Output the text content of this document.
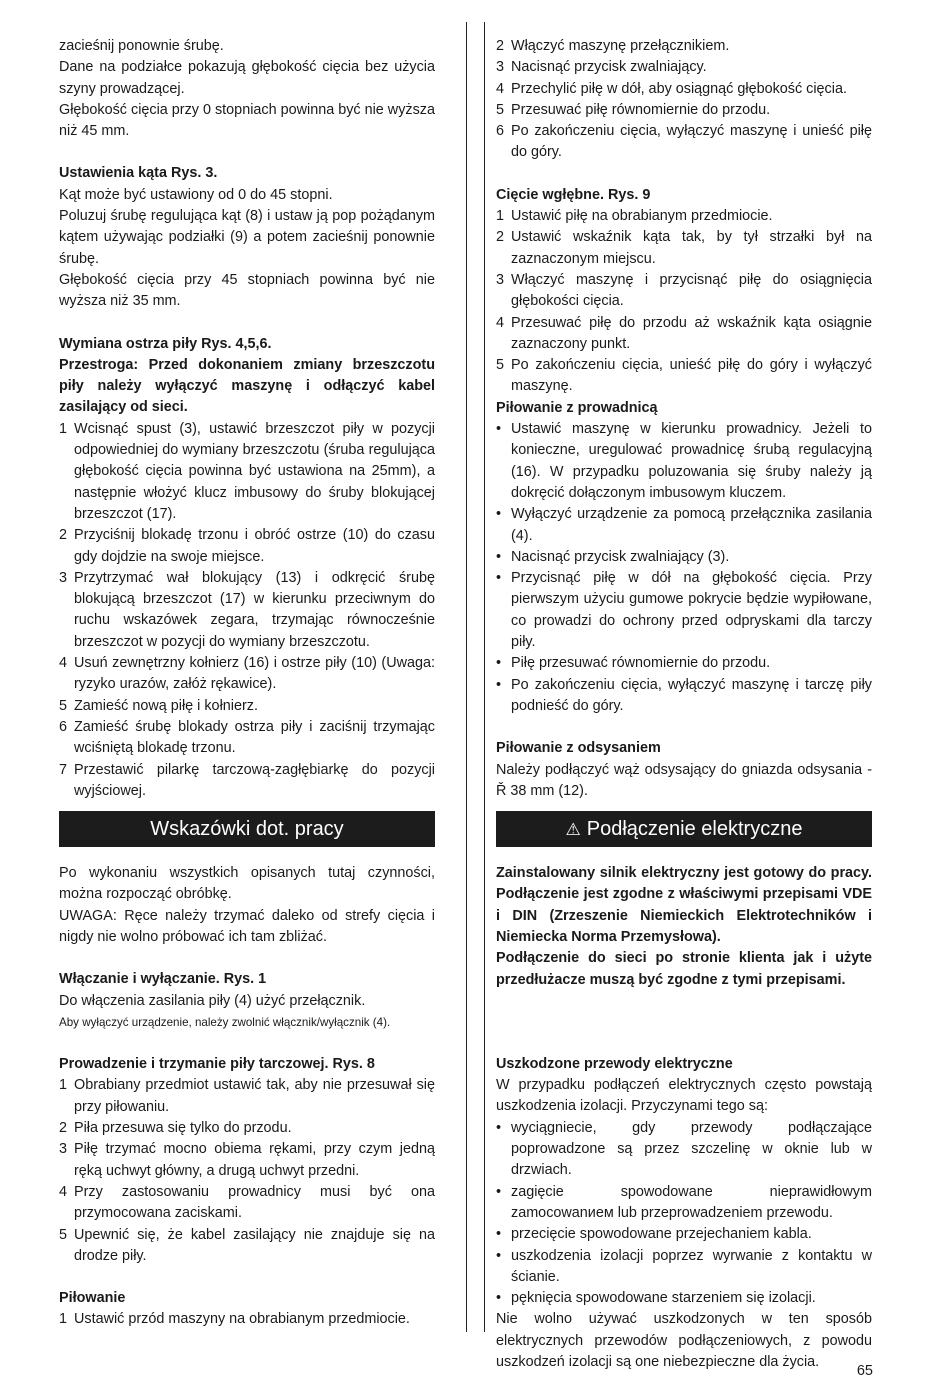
zacieśnij ponownie śrubę.

Dane na podziałce pokazują głębokość cięcia bez użycia szyny prowadzącej.

Głębokość cięcia przy 0 stopniach powinna być nie wyższa niż 45 mm.

Ustawienia kąta Rys. 3.

Kąt może być ustawiony od 0 do 45 stopni.

Poluzuj śrubę regulująca kąt (8) i ustaw ją pop pożądanym kątem używając podziałki (9) a potem zacieśnij ponownie śrubę.

Głębokość cięcia przy 45 stopniach powinna być nie wyższa niż 35 mm.

Wymiana ostrza piły Rys. 4,5,6.

Przestroga: Przed dokonaniem zmiany brzeszczotu piły należy wyłączyć maszynę i odłączyć kabel zasilający od sieci.

1 Wcisnąć spust (3), ustawić brzeszczot piły w pozycji odpowiedniej do wymiany brzeszczotu (śruba regulująca głębokość cięcia powinna być ustawiona na 25mm), a następnie włożyć klucz imbusowy do śruby blokującej brzeszczot (17).
2 Przyciśnij blokadę trzonu i obróć ostrze (10) do czasu gdy dojdzie na swoje miejsce.
3 Przytrzymać wał blokujący (13) i odkręcić śrubę blokującą brzeszczot (17) w kierunku przeciwnym do ruchu wskazówek zegara, trzymając równocześnie brzeszczot w pozycji do wymiany brzeszczotu.
4 Usuń zewnętrzny kołnierz (16) i ostrze piły (10) (Uwaga: ryzyko urazów, załóż rękawice).
5 Zamieść nową piłę i kołnierz.
6 Zamieść śrubę blokady ostrza piły i zaciśnij trzymając wciśniętą blokadę trzonu.
7 Przestawić pilarkę tarczową-zagłębiarkę do pozycji wyjściowej.
Wskazówki dot. pracy

Po wykonaniu wszystkich opisanych tutaj czynności, można rozpocząć obróbkę.

UWAGA: Ręce należy trzymać daleko od strefy cięcia i nigdy nie wolno próbować ich tam zbliżać.

Włączanie i wyłączanie. Rys. 1

Do włączenia zasilania piły (4) użyć przełącznik.

Aby wyłączyć urządzenie, należy zwolnić włącznik/wyłącznik (4).

Prowadzenie i trzymanie piły tarczowej. Rys. 8

1 Obrabiany przedmiot ustawić tak, aby nie przesuwał się przy piłowaniu.
2 Piła przesuwa się tylko do przodu.
3 Piłę trzymać mocno obiema rękami, przy czym jedną ręką uchwyt główny, a drugą uchwyt przedni.
4 Przy zastosowaniu prowadnicy musi być ona przymocowana zaciskami.
5 Upewnić się, że kabel zasilający nie znajduje się na drodze piły.

Piłowanie

1 Ustawić przód maszyny na obrabianym przedmiocie.
2 Włączyć maszynę przełącznikiem.
3 Nacisnąć przycisk zwalniający.
4 Przechylić piłę w dół, aby osiągnąć głębokość cięcia.
5 Przesuwać piłę równomiernie do przodu.
6 Po zakończeniu cięcia, wyłączyć maszynę i unieść piłę do góry.

Cięcie wgłębne. Rys. 9

1 Ustawić piłę na obrabianym przedmiocie.
2 Ustawić wskaźnik kąta tak, by tył strzałki był na zaznaczonym miejscu.
3 Włączyć maszynę i przycisnąć piłę do osiągnięcia głębokości cięcia.
4 Przesuwać piłę do przodu aż wskaźnik kąta osiągnie zaznaczony punkt.
5 Po zakończeniu cięcia, unieść piłę do góry i wyłączyć maszynę.

Piłowanie z prowadnicą

• Ustawić maszynę w kierunku prowadnicy. Jeżeli to konieczne, uregulować prowadnicę śrubą regulacyjną (16). W przypadku poluzowania się śruby należy ją dokręcić dołączonym imbusowym kluczem.
• Wyłączyć urządzenie za pomocą przełącznika zasilania (4).
• Nacisnąć przycisk zwalniający (3).
• Przycisnąć piłę w dół na głębokość cięcia. Przy pierwszym użyciu gumowe pokrycie będzie wypiłowane, co prowadzi do ochrony przed odpryskami dla tarczy piły.
• Piłę przesuwać równomiernie do przodu.
• Po zakończeniu cięcia, wyłączyć maszynę i tarczę piły podnieść do góry.

Piłowanie z odsysaniem

Należy podłączyć wąż odsysający do gniazda odsysania - Ř 38 mm (12).

⚠ Podłączenie elektryczne

Zainstalowany silnik elektryczny jest gotowy do pracy. Podłączenie jest zgodne z właściwymi przepisami VDE i DIN (Zrzeszenie Niemieckich Elektrotechników i Niemiecka Norma Przemysłowa).

Podłączenie do sieci po stronie klienta jak i użyte przedłużacze muszą być zgodne z tymi przepisami.

Uszkodzone przewody elektryczne

W przypadku podłączeń elektrycznych często powstają uszkodzenia izolacji. Przyczynami tego są:

• wyciągniecie, gdy przewody podłączające poprowadzone są przez szczelinę w oknie lub w drzwiach.
• zagięcie spowodowane nieprawidłowym zamocowanием lub przeprowadzeniem przewodu.
• przecięcie spowodowane przejechaniem kabla.
• uszkodzenia izolacji poprzez wyrwanie z kontaktu w ścianie.
• pęknięcia spowodowane starzeniem się izolacji.

Nie wolno używać uszkodzonych w ten sposób elektrycznych przewodów podłączeniowych, z powodu uszkodzeń izolacji są one niebezpieczne dla życia.

65
